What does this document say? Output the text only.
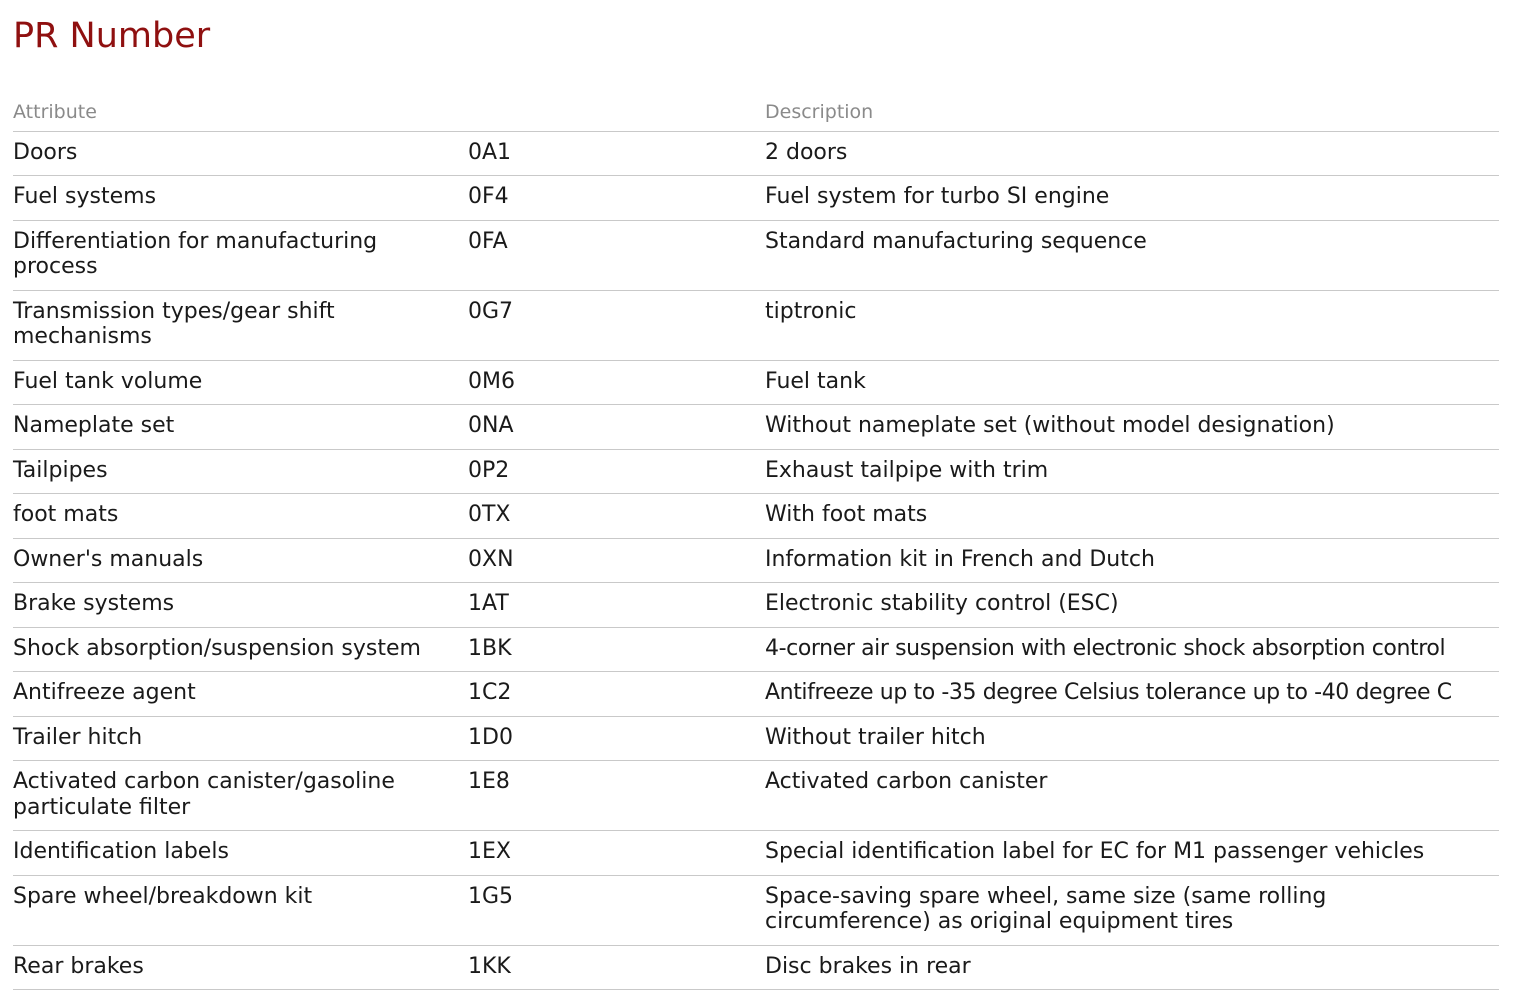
PR Number
Attribute		Description
Doors	0A1	2 doors
Fuel systems	0F4	Fuel system for turbo SI engine
Differentiation for manufacturing process	0FA	Standard manufacturing sequence
Transmission types/gear shift mechanisms	0G7	tiptronic
Fuel tank volume	0M6	Fuel tank
Nameplate set	0NA	Without nameplate set (without model designation)
Tailpipes	0P2	Exhaust tailpipe with trim
foot mats	0TX	With foot mats
Owner's manuals	0XN	Information kit in French and Dutch
Brake systems	1AT	Electronic stability control (ESC)
Shock absorption/suspension system	1BK	4-corner air suspension with electronic shock absorption control
Antifreeze agent	1C2	Antifreeze up to -35 degree Celsius tolerance up to -40 degree C
Trailer hitch	1D0	Without trailer hitch
Activated carbon canister/gasoline particulate filter	1E8	Activated carbon canister
Identification labels	1EX	Special identification label for EC for M1 passenger vehicles
Spare wheel/breakdown kit	1G5	Space-saving spare wheel, same size (same rolling circumference) as original equipment tires
Rear brakes	1KK	Disc brakes in rear
